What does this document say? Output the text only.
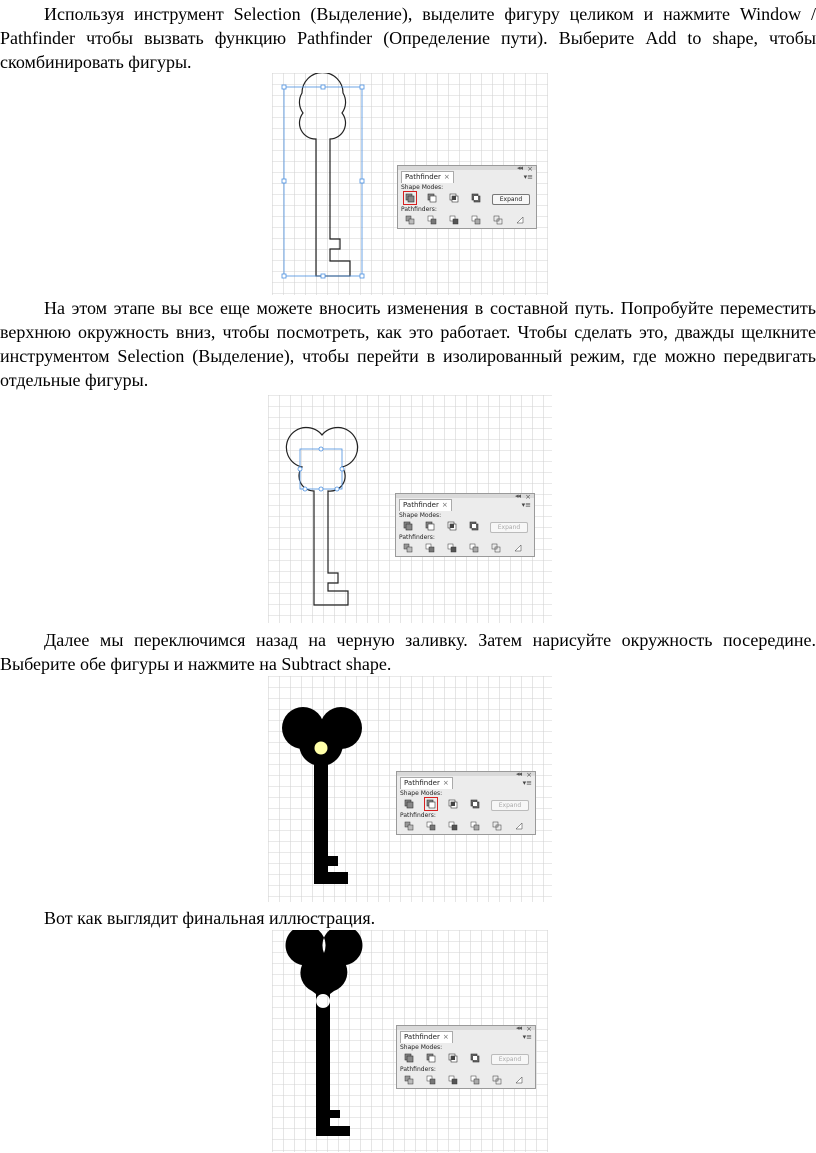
Используя инструмент Selection (Выделение), выделите фигуру целиком и нажмите Window / Pathfinder чтобы вызвать функцию Pathfinder (Определение пути). Выберите Add to shape, чтобы скомбинировать фигуры.

◂◂ ×
Pathfinder ×	▾≡
Shape Modes:
Expand
Pathfinders:

На этом этапе вы все еще можете вносить изменения в составной путь. Попробуйте переместить верхнюю окружность вниз, чтобы посмотреть, как это работает. Чтобы сделать это, дважды щелкните инструментом Selection (Выделение), чтобы перейти в изолированный режим, где можно передвигать отдельные фигуры.

◂◂ ×
Pathfinder ×	▾≡
Shape Modes:
Expand
Pathfinders:

Далее мы переключимся назад на черную заливку. Затем нарисуйте окружность посередине. Выберите обе фигуры и нажмите на Subtract shape.

◂◂ ×
Pathfinder ×	▾≡
Shape Modes:
Expand
Pathfinders:

Вот как выглядит финальная иллюстрация.

◂◂ ×
Pathfinder ×	▾≡
Shape Modes:
Expand
Pathfinders:
